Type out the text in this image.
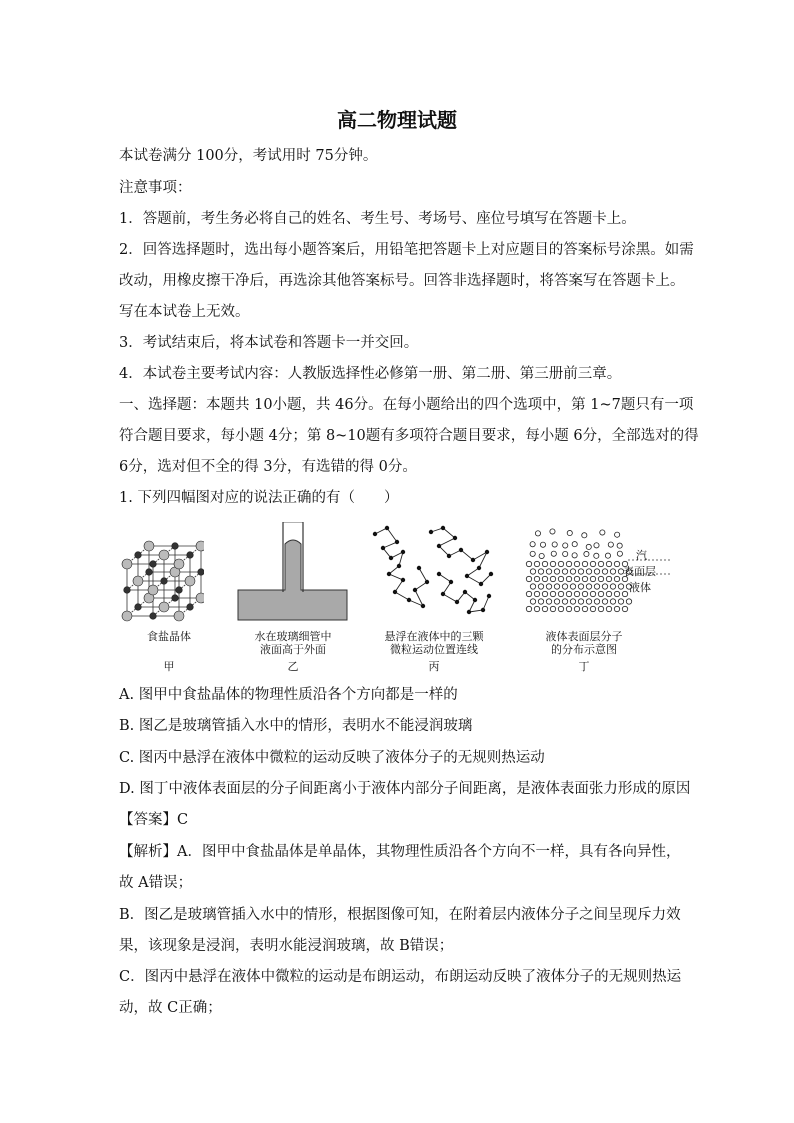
高二物理试题
本试卷满分 100分，考试用时 75分钟。
注意事项：
1．答题前，考生务必将自己的姓名、考生号、考场号、座位号填写在答题卡上。
2．回答选择题时，选出每小题答案后，用铅笔把答题卡上对应题目的答案标号涂黑。如需
改动，用橡皮擦干净后，再选涂其他答案标号。回答非选择题时，将答案写在答题卡上。
写在本试卷上无效。
3．考试结束后，将本试卷和答题卡一并交回。
4．本试卷主要考试内容：人教版选择性必修第一册、第二册、第三册前三章。
一、选择题：本题共 10小题，共 46分。在每小题给出的四个选项中，第 1~7题只有一项
符合题目要求，每小题 4分；第 8~10题有多项符合题目要求，每小题 6分，全部选对的得
6分，选对但不全的得 3分，有选错的得 0分。
1. 下列四幅图对应的说法正确的有（　　）
食盐晶体
甲
水在玻璃细管中
液面高于外面
乙
悬浮在液体中的三颗
微粒运动位置连线
丙
汽
表面层
液体
液体表面层分子
的分布示意图
丁
A. 图甲中食盐晶体的物理性质沿各个方向都是一样的
B. 图乙是玻璃管插入水中的情形，表明水不能浸润玻璃
C. 图丙中悬浮在液体中微粒的运动反映了液体分子的无规则热运动
D. 图丁中液体表面层的分子间距离小于液体内部分子间距离，是液体表面张力形成的原因
【答案】C
【解析】A．图甲中食盐晶体是单晶体，其物理性质沿各个方向不一样，具有各向异性，
故 A错误；
B．图乙是玻璃管插入水中的情形，根据图像可知，在附着层内液体分子之间呈现斥力效
果，该现象是浸润，表明水能浸润玻璃，故 B错误；
C．图丙中悬浮在液体中微粒的运动是布朗运动，布朗运动反映了液体分子的无规则热运
动，故 C正确；
